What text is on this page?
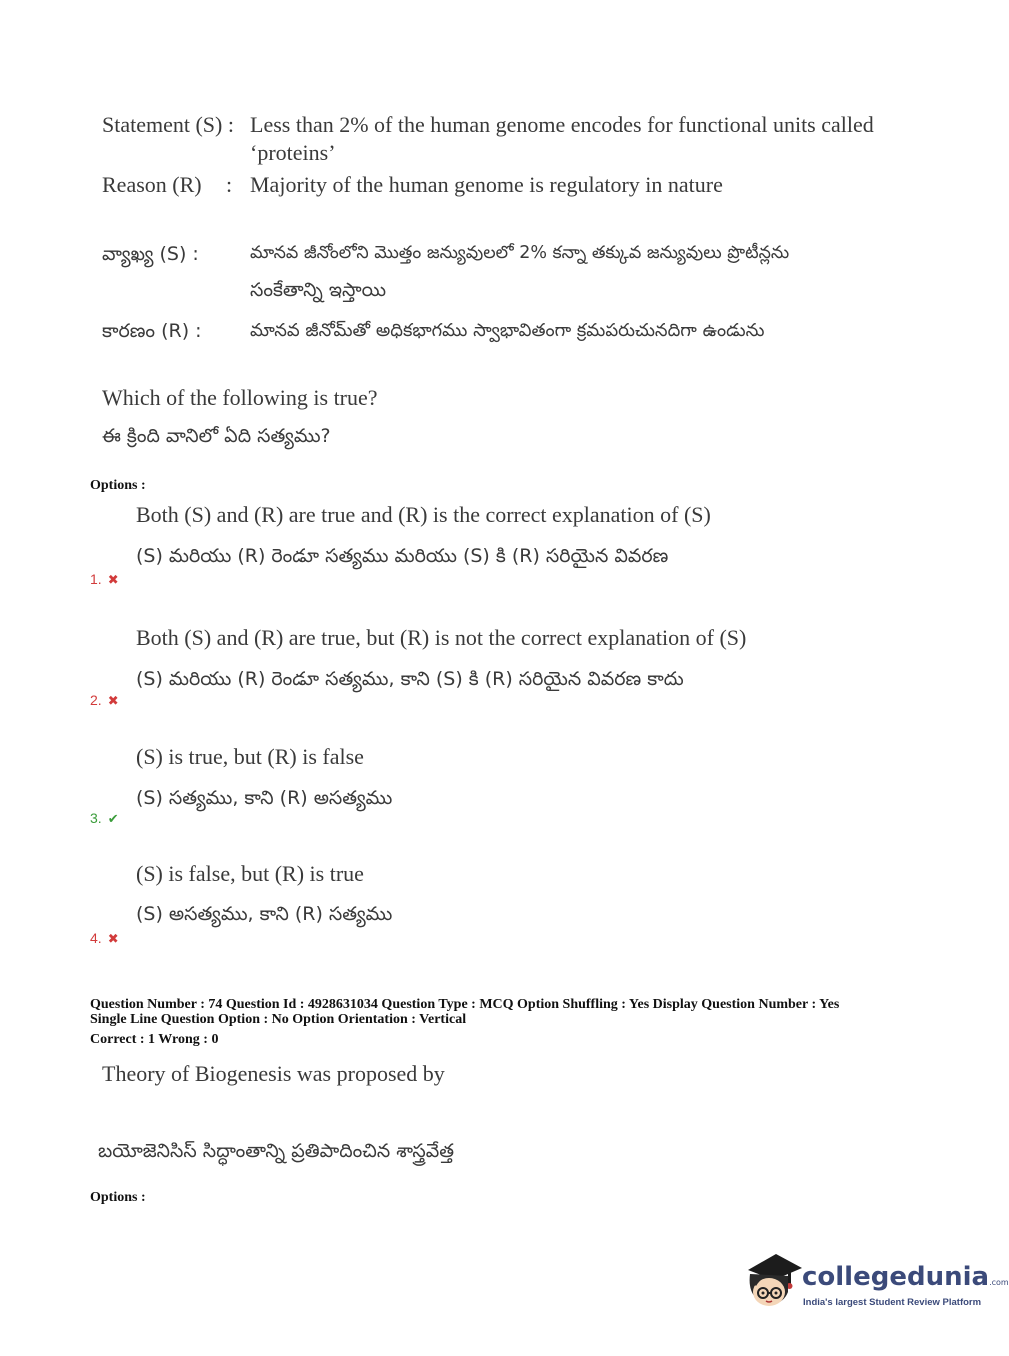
Statement (S) : Less than 2% of the human genome encodes for functional units called
‘proteins’
Reason (R) : Majority of the human genome is regulatory in nature
వ్యాఖ్య (S) :	మానవ జీనోంలోని మొత్తం జన్యువులలో 2% కన్నా తక్కువ జన్యువులు ప్రొటీన్లను
సంకేతాన్ని ఇస్తాయి
కారణం (R) :	మానవ జీనోమ్‌తో అధికభాగము స్వాభావితంగా క్రమపరుచునదిగా ఉండును
Which of the following is true?
ఈ క్రింది వానిలో ఏది సత్యము?
Options :
Both (S) and (R) are true and (R) is the correct explanation of (S)
(S) మరియు (R) రెండూ సత్యము మరియు (S) కి (R) సరియైన వివరణ
1. ✖
Both (S) and (R) are true, but (R) is not the correct explanation of (S)
(S) మరియు (R) రెండూ సత్యము, కాని (S) కి (R) సరియైన వివరణ కాదు
2. ✖
(S) is true, but (R) is false
(S) సత్యము, కాని (R) అసత్యము
3. ✔
(S) is false, but (R) is true
(S) అసత్యము, కాని (R) సత్యము
4. ✖
Question Number : 74 Question Id : 4928631034 Question Type : MCQ Option Shuffling : Yes Display Question Number : Yes
Single Line Question Option : No Option Orientation : Vertical
Correct : 1 Wrong : 0
Theory of Biogenesis was proposed by
బయోజెనిసిస్ సిద్ధాంతాన్ని ప్రతిపాదించిన శాస్త్రవేత్త
Options :
collegedunia.com
India's largest Student Review Platform
